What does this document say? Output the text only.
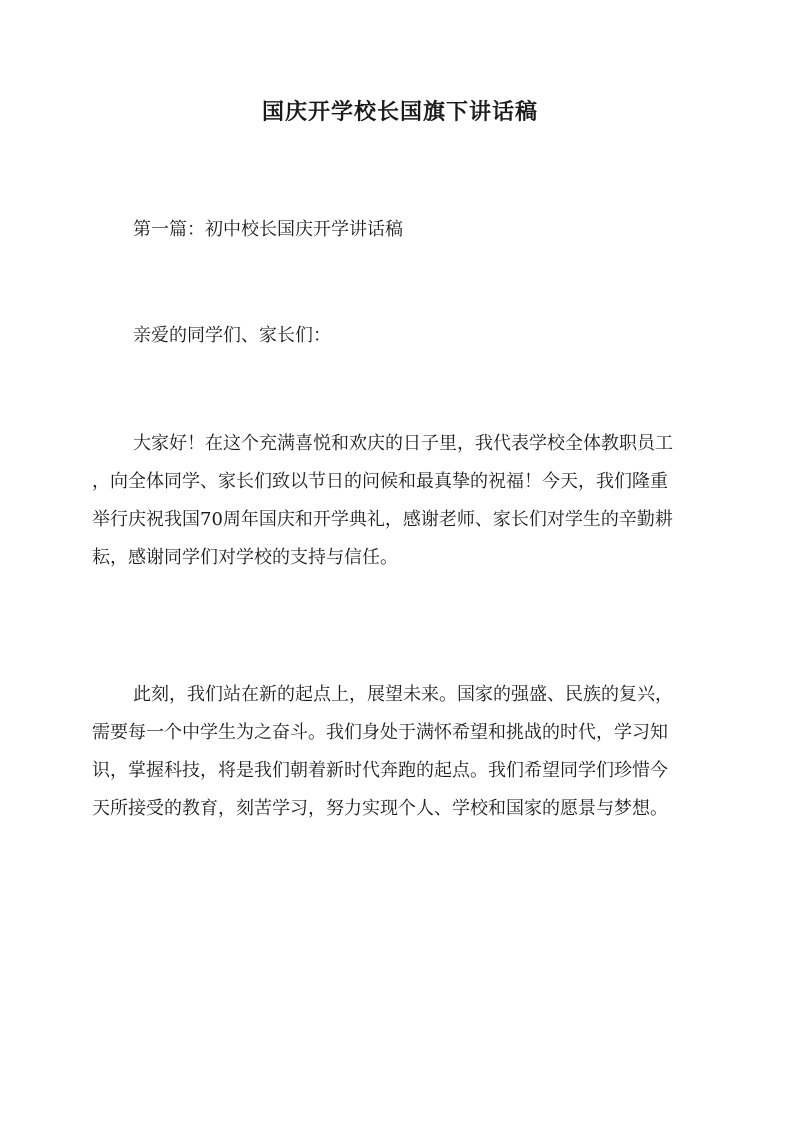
国庆开学校长国旗下讲话稿
第一篇：初中校长国庆开学讲话稿
亲爱的同学们、家长们：
大家好！在这个充满喜悦和欢庆的日子里，我代表学校全体教职员工
，向全体同学、家长们致以节日的问候和最真挚的祝福！今天，我们隆重
举行庆祝我国70周年国庆和开学典礼，感谢老师、家长们对学生的辛勤耕
耘，感谢同学们对学校的支持与信任。
此刻，我们站在新的起点上，展望未来。国家的强盛、民族的复兴，
需要每一个中学生为之奋斗。我们身处于满怀希望和挑战的时代，学习知
识，掌握科技，将是我们朝着新时代奔跑的起点。我们希望同学们珍惜今
天所接受的教育，刻苦学习，努力实现个人、学校和国家的愿景与梦想。
